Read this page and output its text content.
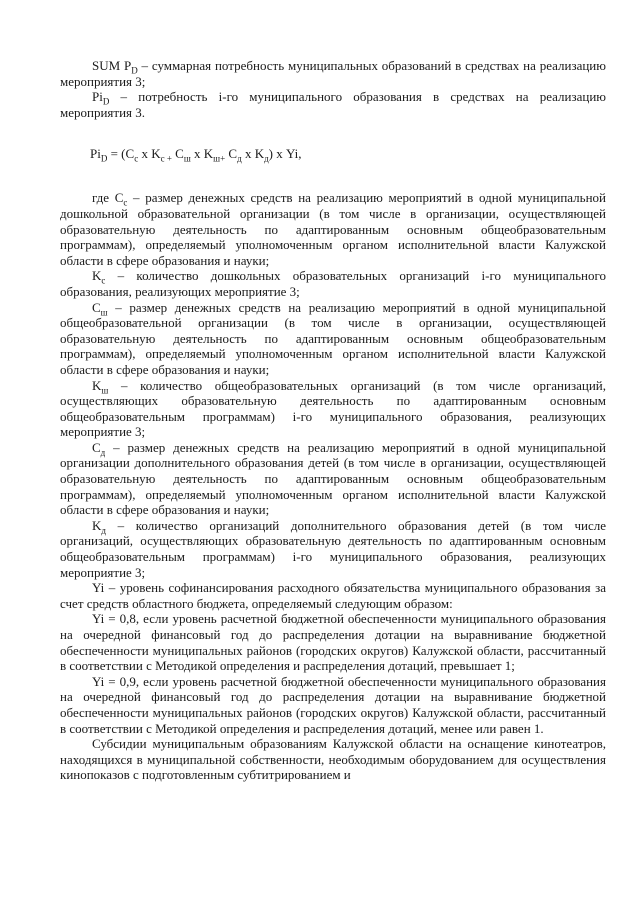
SUM $P_D$ – суммарная потребность муниципальных образований в средствах на реализацию мероприятия 3;

$Pi_D$ – потребность i-го муниципального образования в средствах на реализацию мероприятия 3.

$Pi_D = (C_c$ х $K_{c +}$ $C_ш$ х $K_{ш+}$ $C_д$ х $K_д$) х Yi,

где $C_c$ – размер денежных средств на реализацию мероприятий в одной муниципальной дошкольной образовательной организации (в том числе в организации, осуществляющей образовательную деятельность по адаптированным основным общеобразовательным программам), определяемый уполномоченным органом исполнительной власти Калужской области в сфере образования и науки;

$K_c$ – количество дошкольных образовательных организаций i-го муниципального образования, реализующих мероприятие 3;

$C_ш$ – размер денежных средств на реализацию мероприятий в одной муниципальной общеобразовательной организации (в том числе в организации, осуществляющей образовательную деятельность по адаптированным основным общеобразовательным программам), определяемый уполномоченным органом исполнительной власти Калужской области в сфере образования и науки;

$K_ш$ – количество общеобразовательных организаций (в том числе организаций, осуществляющих образовательную деятельность по адаптированным основным общеобразовательным программам) i-го муниципального образования, реализующих мероприятие 3;

$C_д$ – размер денежных средств на реализацию мероприятий в одной муниципальной организации дополнительного образования детей (в том числе в организации, осуществляющей образовательную деятельность по адаптированным основным общеобразовательным программам), определяемый уполномоченным органом исполнительной власти Калужской области в сфере образования и науки;

$K_д$ – количество организаций дополнительного образования детей (в том числе организаций, осуществляющих образовательную деятельность по адаптированным основным общеобразовательным программам) i-го муниципального образования, реализующих мероприятие 3;

Yi – уровень софинансирования расходного обязательства муниципального образования за счет средств областного бюджета, определяемый следующим образом:

Yi = 0,8, если уровень расчетной бюджетной обеспеченности муниципального образования на очередной финансовый год до распределения дотации на выравнивание бюджетной обеспеченности муниципальных районов (городских округов) Калужской области, рассчитанный в соответствии с Методикой определения и распределения дотаций, превышает 1;

Yi = 0,9, если уровень расчетной бюджетной обеспеченности муниципального образования на очередной финансовый год до распределения дотации на выравнивание бюджетной обеспеченности муниципальных районов (городских округов) Калужской области, рассчитанный в соответствии с Методикой определения и распределения дотаций, менее или равен 1.

Субсидии муниципальным образованиям Калужской области на оснащение кинотеатров, находящихся в муниципальной собственности, необходимым оборудованием для осуществления кинопоказов с подготовленным субтитрированием и
